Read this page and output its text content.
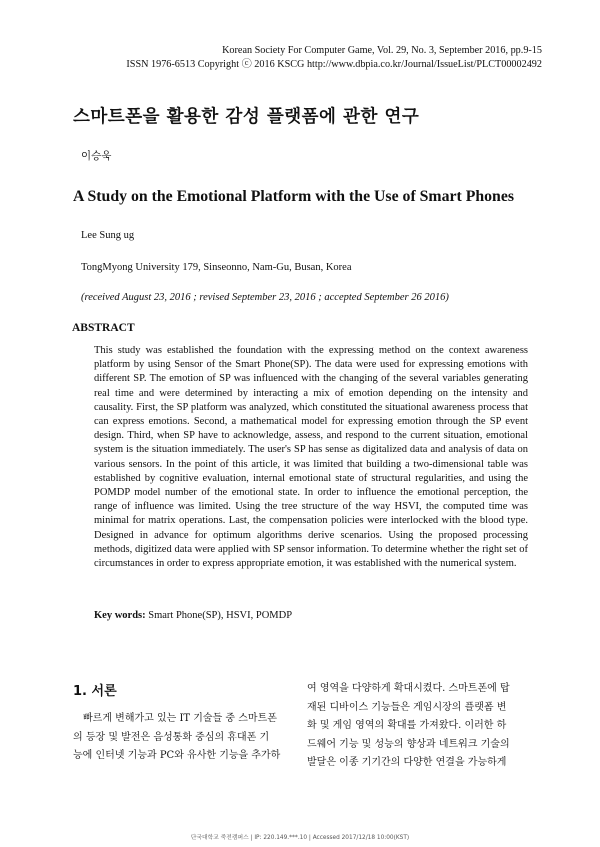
Korean Society For Computer Game, Vol. 29, No. 3, September 2016, pp.9-15
ISSN 1976-6513 Copyright ⓒ 2016 KSCG http://www.dbpia.co.kr/Journal/IssueList/PLCT00002492
스마트폰을 활용한 감성 플랫폼에 관한 연구
이승욱
A Study on the Emotional Platform with the Use of Smart Phones
Lee Sung ug
TongMyong University 179, Sinseonno, Nam-Gu, Busan, Korea
(received August 23, 2016 ; revised September 23, 2016 ; accepted September 26 2016)
ABSTRACT
This study was established the foundation with the expressing method on the context awareness platform by using Sensor of the Smart Phone(SP). The data were used for expressing emotions with different SP. The emotion of SP was influenced with the changing of the several variables generating real time and were determined by interacting a mix of emotion depending on the intensity and causality. First, the SP platform was analyzed, which constituted the situational awareness process that can express emotions. Second, a mathematical model for expressing emotion through the SP event design. Third, when SP have to acknowledge, assess, and respond to the current situation, emotional system is the situation immediately. The user's SP has sense as digitalized data and analysis of data on various sensors. In the point of this article, it was limited that building a two-dimensional table was established by cognitive evaluation, internal emotional state of structural regularities, and using the POMDP model number of the emotional state. In order to influence the emotional perception, the range of influence was limited. Using the tree structure of the way HSVI, the computed time was minimal for matrix operations. Last, the compensation policies were interlocked with the blood type. Designed in advance for optimum algorithms derive scenarios. Using the proposed processing methods, digitized data were applied with SP sensor information. To determine whether the right set of circumstances in order to express appropriate emotion, it was established with the numerical system.
Key words: Smart Phone(SP), HSVI, POMDP
1. 서론
빠르게 변해가고 있는 IT 기술들 중 스마트폰
의 등장 및 발전은 음성통화 중심의 휴대폰 기
능에 인터넷 기능과 PC와 유사한 기능을 추가하
여 영역을 다양하게 확대시켰다. 스마트폰에 탑
재된 디바이스 기능들은 게임시장의 플랫폼 변
화 및 게임 영역의 확대를 가져왔다. 이러한 하
드웨어 기능 및 성능의 향상과 네트워크 기술의
발달은 이종 기기간의 다양한 연결을 가능하게
단국대학교 죽전캠퍼스 | IP: 220.149.***.10 | Accessed 2017/12/18 10:00(KST)
